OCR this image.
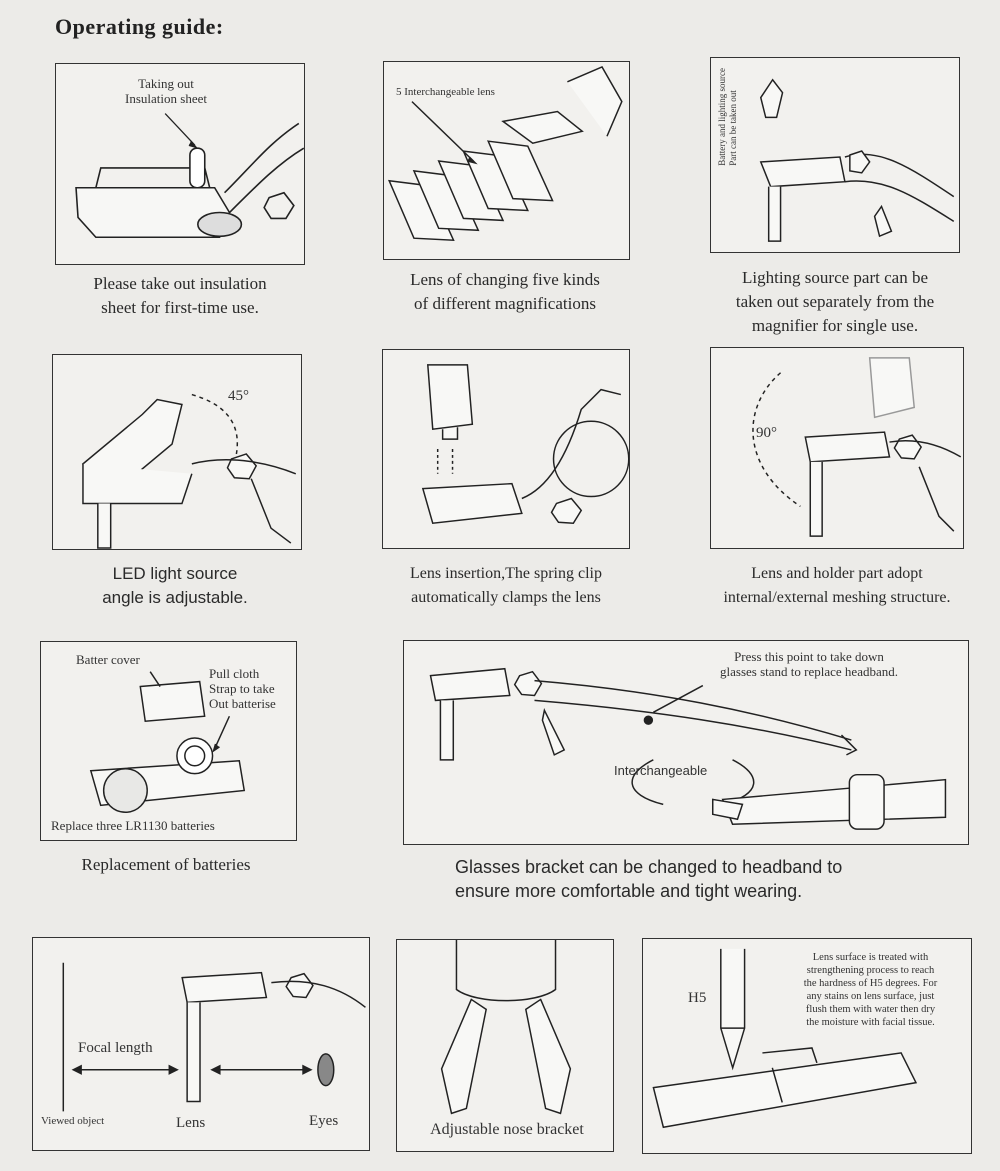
Operating guide:
Taking out
Insulation sheet
Please take out insulation
sheet for first-time use.
5 Interchangeable lens
Lens of changing five kinds
of different magnifications
Battery and lighting source
Part can be taken out
Lighting source part can be
taken out separately from the
magnifier for single use.
45°
LED light source
angle is adjustable.
Lens insertion,The spring clip
automatically clamps the lens
90°
Lens and holder part adopt
internal/external meshing structure.
Batter cover
Pull cloth
Strap to take
Out batterise
Replace three LR1130 batteries
Replacement of batteries
Press this point to take down
glasses stand to replace headband.
Interchangeable
Glasses bracket can be changed to headband to
ensure more comfortable and tight wearing.
Focal length
Viewed object	Lens	Eyes	Adjustable nose bracket
H5
Lens surface is treated with
strengthening process to reach
the hardness of H5 degrees. For
any stains on lens surface, just
flush them with water then dry
the moisture with facial tissue.
